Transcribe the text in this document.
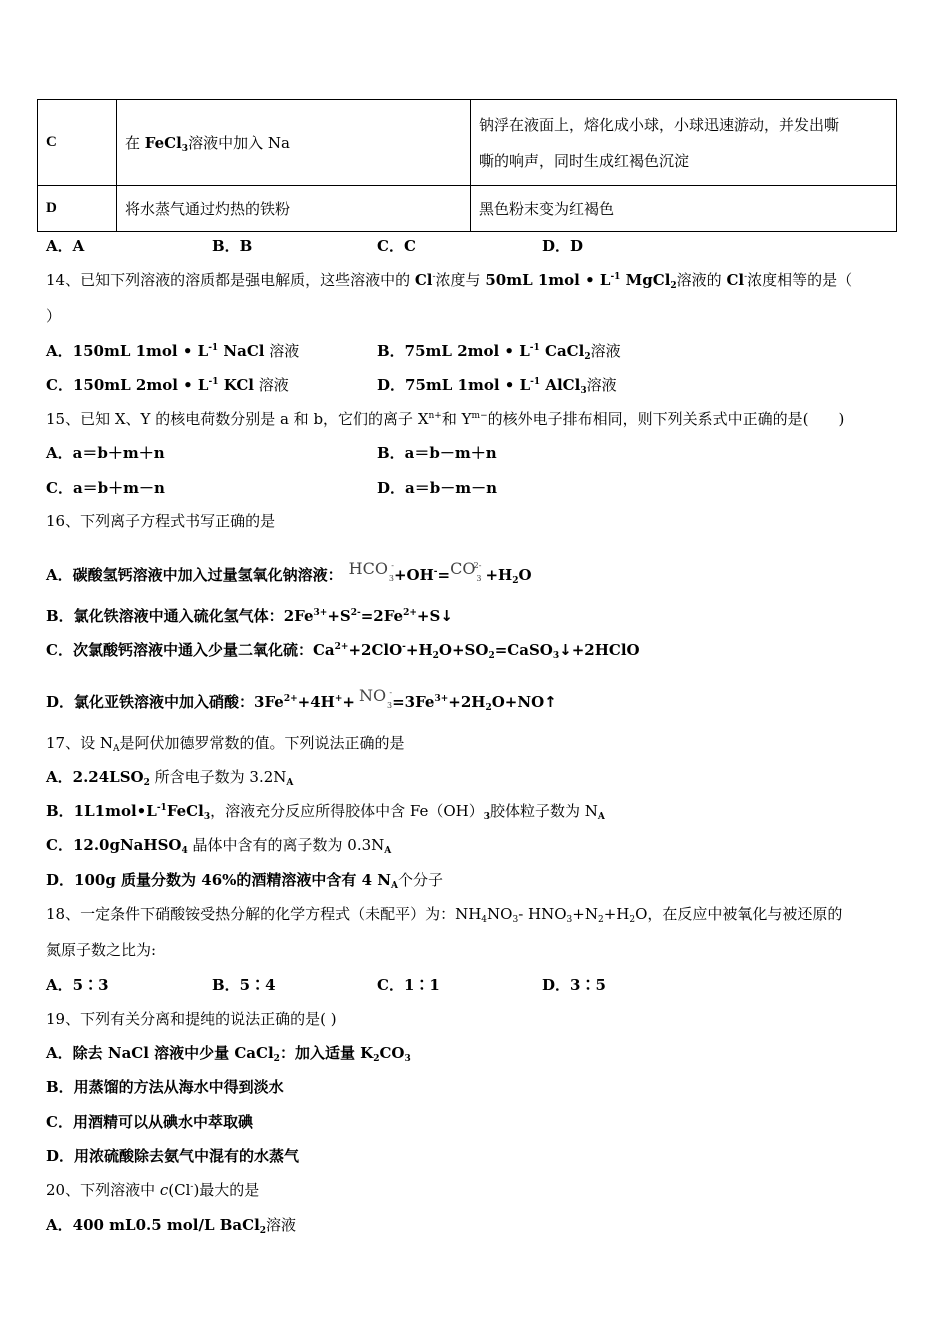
C	在 FeCl$_3$溶液中加入 Na	钠浮在液面上，熔化成小球，小球迅速游动，并发出嘶
嘶的响声，同时生成红褐色沉淀
D	将水蒸气通过灼热的铁粉	黑色粉末变为红褐色
A．A	B．B	C．C	D．D
14、已知下列溶液的溶质都是强电解质，这些溶液中的 Cl-浓度与 50mL 1mol • $L^{-1}$ MgCl$_2$溶液的 Cl-浓度相等的是（
）
A．150mL 1mol • $L^{-1}$ NaCl 溶液	B．75mL 2mol • $L^{-1}$ CaCl$_2$溶液
C．150mL 2mol • $L^{-1}$ KCl 溶液	D．75mL 1mol • $L^{-1}$ AlCl$_3$溶液
15、已知 X、Y 的核电荷数分别是 a 和 b，它们的离子 $X^{n+}$和 $Y^{m-}$的核外电子排布相同，则下列关系式中正确的是( )
A．a＝b＋m＋n	B．a＝b－m＋n
C．a＝b＋m－n	D．a＝b－m－n
16、下列离子方程式书写正确的是
A．碳酸氢钙溶液中加入过量氢氧化钠溶液： HCO -
3 +OH-=CO
2-
$3 +H_2O$
B．氯化铁溶液中通入硫化氢气体：$2Fe^{3+}+S^{2-}=2Fe^{2+}+S↓$
C．次氯酸钙溶液中通入少量二氧化硫：$Ca^{2+}+2ClO^-+H_2O+SO_2=CaSO_3↓+2HClO$
D．氯化亚铁溶液中加入硝酸：$3Fe^{2+}+4H^++$ NO -
$3 =3Fe^{3+}+2H_2O+NO↑$
17、设 $N_A$是阿伏加德罗常数的值。下列说法正确的是
A．$2.24LSO_2$ 所含电子数为 $3.2N_A$
B．$1L1mol•L^{-1}FeCl_3$，溶液充分反应所得胶体中含 $Fe(OH)_3$胶体粒子数为 $N_A$
C．12.0gNaHSO$_4$ 晶体中含有的离子数为 $0.3N_A$
D．100g 质量分数为 46%的酒精溶液中含有 4 $N_A$个分子
18、一定条件下硝酸铵受热分解的化学方程式（未配平）为：$NH_4NO_3-$ $HNO_3+N_2+H_2O$，在反应中被氧化与被还原的
氮原子数之比为:
A．5∶3	B．5∶4	C．1∶1	D．3∶5
19、下列有关分离和提纯的说法正确的是( )
A．除去 NaCl 溶液中少量 CaCl$_2$：加入适量 $K_2CO_3$
B．用蒸馏的方法从海水中得到淡水
C．用酒精可以从碘水中萃取碘
D．用浓硫酸除去氨气中混有的水蒸气
20、下列溶液中 c(Cl-)最大的是
A．400 mL0.5 mol/L BaCl$_2$溶液
